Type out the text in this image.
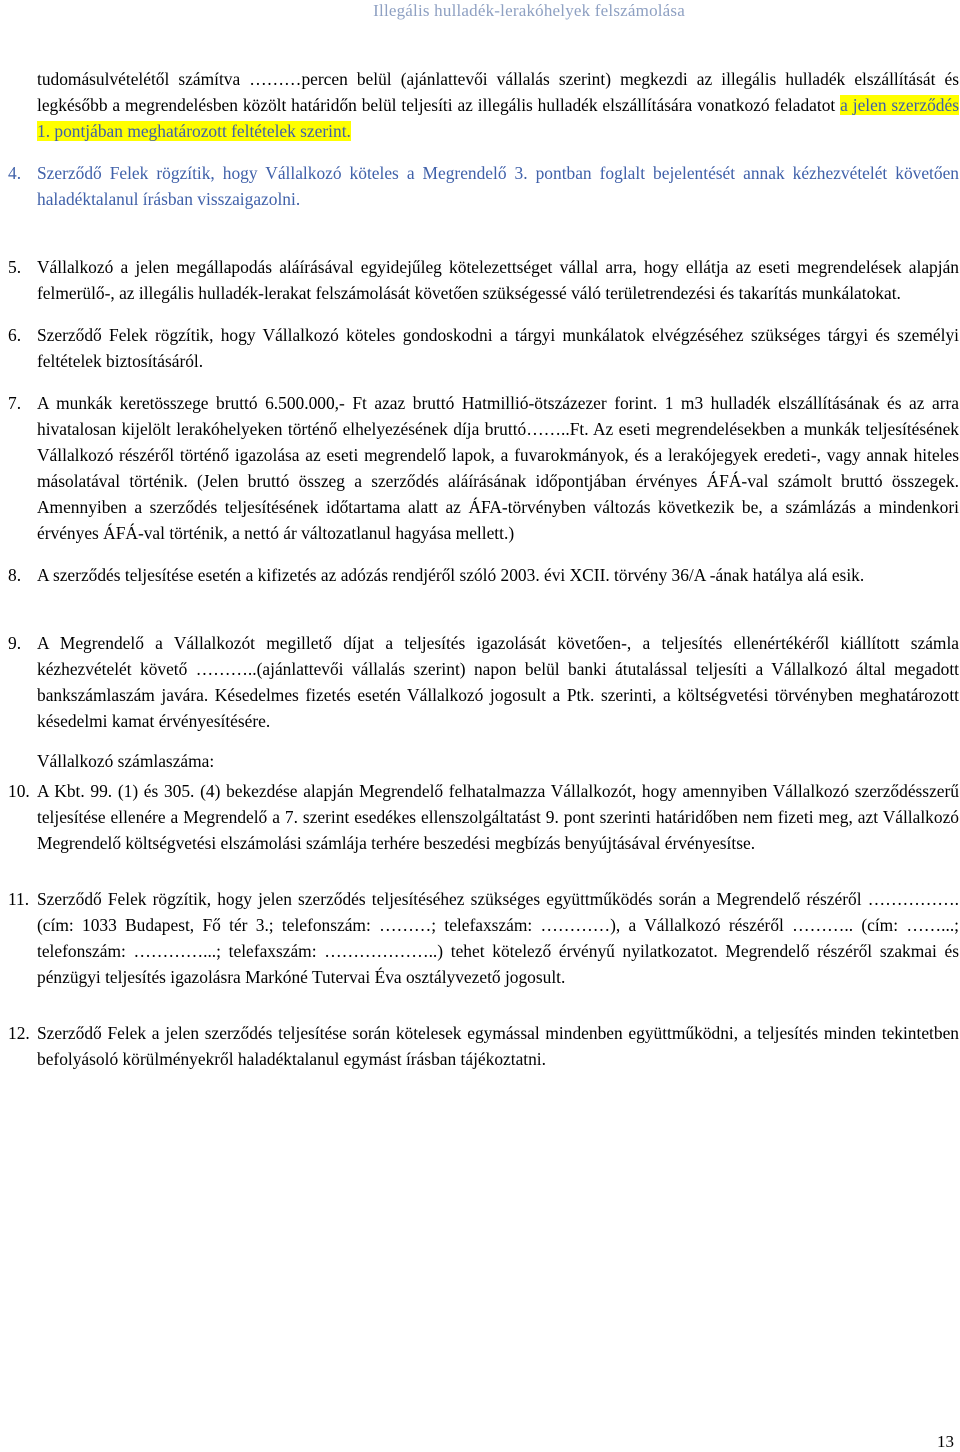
Illegális hulladék-lerakóhelyek felszámolása

tudomásulvételétől számítva ………percen belül (ajánlattevői vállalás szerint) megkezdi az illegális hulladék elszállítását és legkésőbb a megrendelésben közölt határidőn belül teljesíti az illegális hulladék elszállítására vonatkozó feladatot a jelen szerződés 1. pontjában meghatározott feltételek szerint.

4. Szerződő Felek rögzítik, hogy Vállalkozó köteles a Megrendelő 3. pontban foglalt bejelentését annak kézhezvételét követően haladéktalanul írásban visszaigazolni.

5. Vállalkozó a jelen megállapodás aláírásával egyidejűleg kötelezettséget vállal arra, hogy ellátja az eseti megrendelések alapján felmerülő-, az illegális hulladék-lerakat felszámolását követően szükségessé váló területrendezési és takarítás munkálatokat.

6. Szerződő Felek rögzítik, hogy Vállalkozó köteles gondoskodni a tárgyi munkálatok elvégzéséhez szükséges tárgyi és személyi feltételek biztosításáról.

7. A munkák keretösszege bruttó 6.500.000,- Ft azaz bruttó Hatmillió-ötszázezer forint. 1 m3 hulladék elszállításának és az arra hivatalosan kijelölt lerakóhelyeken történő elhelyezésének díja bruttó……..Ft. Az eseti megrendelésekben a munkák teljesítésének Vállalkozó részéről történő igazolása az eseti megrendelő lapok, a fuvarokmányok, és a lerakójegyek eredeti-, vagy annak hiteles másolatával történik. (Jelen bruttó összeg a szerződés aláírásának időpontjában érvényes ÁFÁ-val számolt bruttó összegek. Amennyiben a szerződés teljesítésének időtartama alatt az ÁFA-törvényben változás következik be, a számlázás a mindenkori érvényes ÁFÁ-val történik, a nettó ár változatlanul hagyása mellett.)

8. A szerződés teljesítése esetén a kifizetés az adózás rendjéről szóló 2003. évi XCII. törvény 36/A -ának hatálya alá esik.

9. A Megrendelő a Vállalkozót megillető díjat a teljesítés igazolását követően-, a teljesítés ellenértékéről kiállított számla kézhezvételét követő ………..(ajánlattevői vállalás szerint) napon belül banki átutalással teljesíti a Vállalkozó által megadott bankszámlaszám javára. Késedelmes fizetés esetén Vállalkozó jogosult a Ptk. szerinti, a költségvetési törvényben meghatározott késedelmi kamat érvényesítésére.

Vállalkozó számlaszáma:

10. A Kbt. 99. (1) és 305. (4) bekezdése alapján Megrendelő felhatalmazza Vállalkozót, hogy amennyiben Vállalkozó szerződésszerű teljesítése ellenére a Megrendelő a 7. szerint esedékes ellenszolgáltatást 9. pont szerinti határidőben nem fizeti meg, azt Vállalkozó Megrendelő költségvetési elszámolási számlája terhére beszedési megbízás benyújtásával érvényesítse.

11. Szerződő Felek rögzítik, hogy jelen szerződés teljesítéséhez szükséges együttműködés során a Megrendelő részéről ……………. (cím: 1033 Budapest, Fő tér 3.; telefonszám: ………; telefaxszám: …………), a Vállalkozó részéről ……….. (cím: ……...; telefonszám: …………...; telefaxszám: ………………..) tehet kötelező érvényű nyilatkozatot. Megrendelő részéről szakmai és pénzügyi teljesítés igazolásra Markóné Tutervai Éva osztályvezető jogosult.

12. Szerződő Felek a jelen szerződés teljesítése során kötelesek egymással mindenben együttműködni, a teljesítés minden tekintetben befolyásoló körülményekről haladéktalanul egymást írásban tájékoztatni.

13
